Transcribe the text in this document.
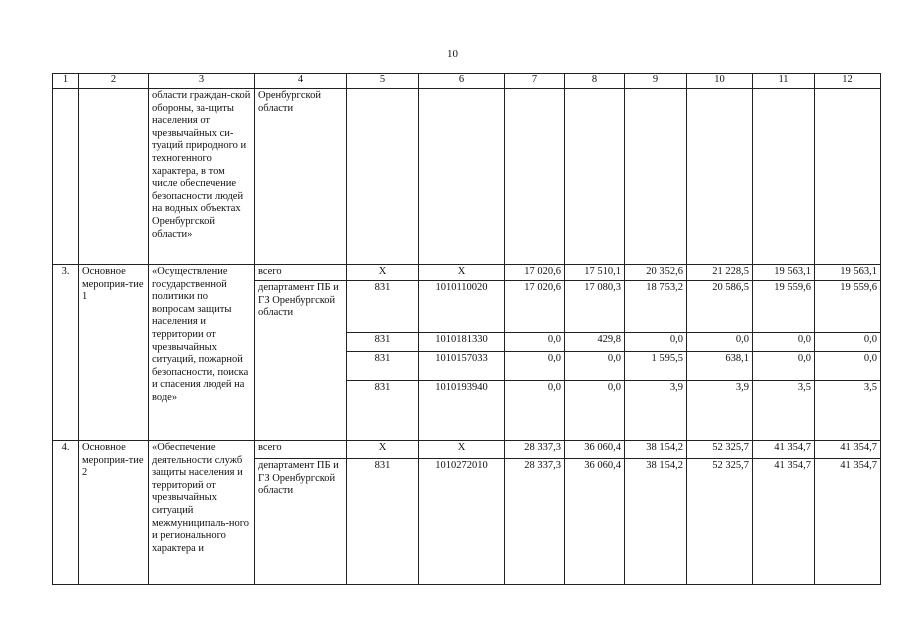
10
1	2	3	4	5	6	7	8	9	10	11	12
		области граждан-ской обороны, за-щиты населения от чрезвычайных си-туаций природного и техногенного характера, в том числе обеспечение безопасности людей на водных объектах Оренбургской области»	Оренбургской области								
3.	Основное мероприя-тие 1	«Осуществление государственной политики по вопросам защиты населения и территории от чрезвычайных ситуаций, пожарной безопасности, поиска и спасения людей на воде»	всего	X	X	17 020,6	17 510,1	20 352,6	21 228,5	19 563,1	19 563,1

			департамент ПБ и ГЗ Оренбургской области	831	1010110020	17 020,6	17 080,3	18 753,2	20 586,5	19 559,6	19 559,6
				831	1010181330	0,0	429,8	0,0	0,0	0,0	0,0
				831	1010157033	0,0	0,0	1 595,5	638,1	0,0	0,0
				831	1010193940	0,0	0,0	3,9	3,9	3,5	3,5
4.	Основное мероприя-тие 2	«Обеспечение деятельности служб защиты населения и территорий от чрезвычайных ситуаций межмуниципаль-ного и регионального характера и	всего	X	X	28 337,3	36 060,4	38 154,2	52 325,7	41 354,7	41 354,7
			департамент ПБ и ГЗ Оренбургской области	831	1010272010	28 337,3	36 060,4	38 154,2	52 325,7	41 354,7	41 354,7
